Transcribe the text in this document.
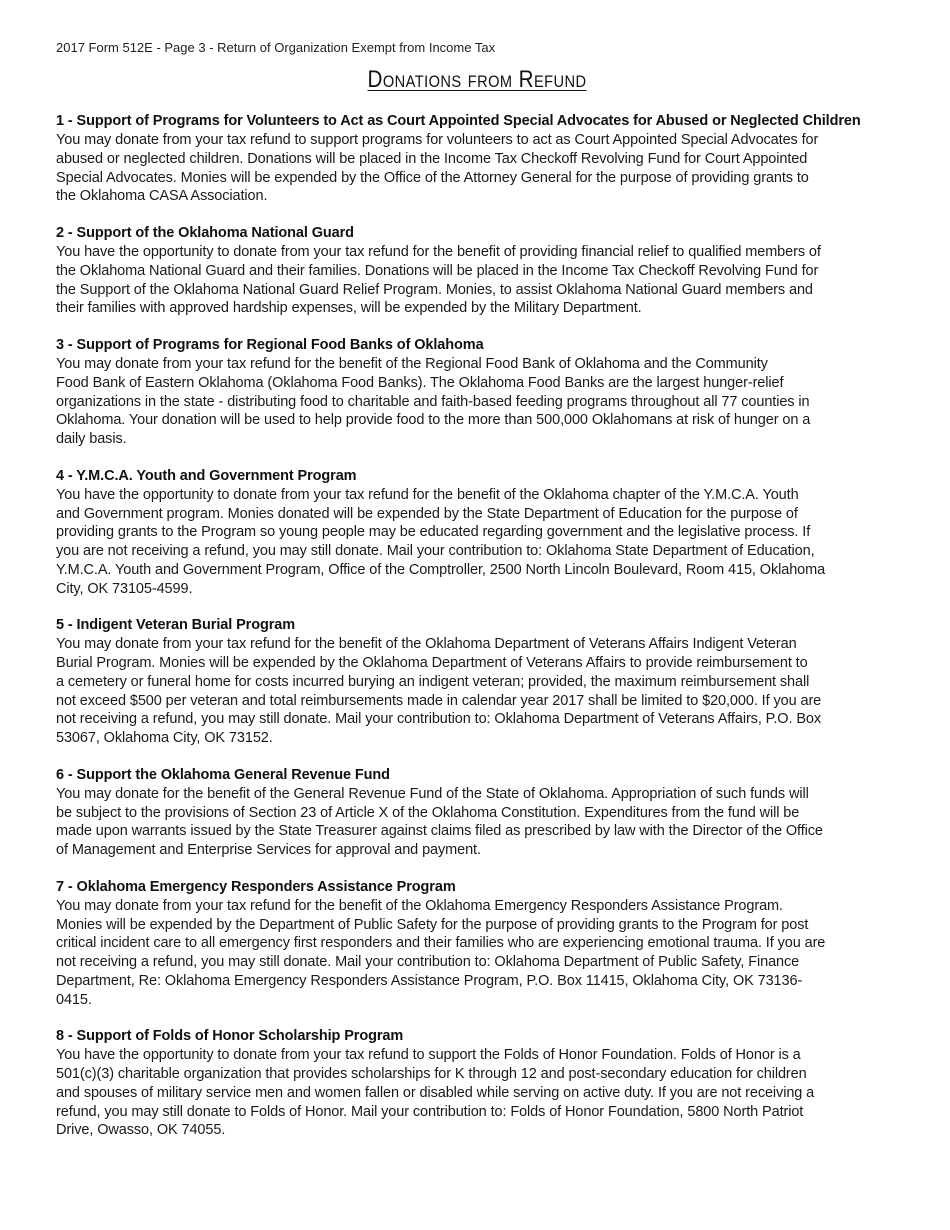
2017 Form 512E - Page 3 - Return of Organization Exempt from Income Tax
Donations from Refund
1 - Support of Programs for Volunteers to Act as Court Appointed Special Advocates for Abused or Neglected Children
You may donate from your tax refund to support programs for volunteers to act as Court Appointed Special Advocates for
abused or neglected children. Donations will be placed in the Income Tax Checkoff Revolving Fund for Court Appointed
Special Advocates. Monies will be expended by the Office of the Attorney General for the purpose of providing grants to
the Oklahoma CASA Association.
2 - Support of the Oklahoma National Guard
You have the opportunity to donate from your tax refund for the benefit of providing financial relief to qualified members of
the Oklahoma National Guard and their families. Donations will be placed in the Income Tax Checkoff Revolving Fund for
the Support of the Oklahoma National Guard Relief Program. Monies, to assist Oklahoma National Guard members and
their families with approved hardship expenses, will be expended by the Military Department.
3 - Support of Programs for Regional Food Banks of Oklahoma
You may donate from your tax refund for the benefit of the Regional Food Bank of Oklahoma and the Community
Food Bank of Eastern Oklahoma (Oklahoma Food Banks). The Oklahoma Food Banks are the largest hunger-relief
organizations in the state - distributing food to charitable and faith-based feeding programs throughout all 77 counties in
Oklahoma. Your donation will be used to help provide food to the more than 500,000 Oklahomans at risk of hunger on a
daily basis.
4 - Y.M.C.A. Youth and Government Program
You have the opportunity to donate from your tax refund for the benefit of the Oklahoma chapter of the Y.M.C.A. Youth
and Government program. Monies donated will be expended by the State Department of Education for the purpose of
providing grants to the Program so young people may be educated regarding government and the legislative process. If
you are not receiving a refund, you may still donate. Mail your contribution to: Oklahoma State Department of Education,
Y.M.C.A. Youth and Government Program, Office of the Comptroller, 2500 North Lincoln Boulevard, Room 415, Oklahoma
City, OK 73105-4599.
5 - Indigent Veteran Burial Program
You may donate from your tax refund for the benefit of the Oklahoma Department of Veterans Affairs Indigent Veteran
Burial Program. Monies will be expended by the Oklahoma Department of Veterans Affairs to provide reimbursement to
a cemetery or funeral home for costs incurred burying an indigent veteran; provided, the maximum reimbursement shall
not exceed $500 per veteran and total reimbursements made in calendar year 2017 shall be limited to $20,000. If you are
not receiving a refund, you may still donate. Mail your contribution to: Oklahoma Department of Veterans Affairs, P.O. Box
53067, Oklahoma City, OK 73152.
6 - Support the Oklahoma General Revenue Fund
You may donate for the benefit of the General Revenue Fund of the State of Oklahoma. Appropriation of such funds will
be subject to the provisions of Section 23 of Article X of the Oklahoma Constitution. Expenditures from the fund will be
made upon warrants issued by the State Treasurer against claims filed as prescribed by law with the Director of the Office
of Management and Enterprise Services for approval and payment.
7 - Oklahoma Emergency Responders Assistance Program
You may donate from your tax refund for the benefit of the Oklahoma Emergency Responders Assistance Program.
Monies will be expended by the Department of Public Safety for the purpose of providing grants to the Program for post
critical incident care to all emergency first responders and their families who are experiencing emotional trauma. If you are
not receiving a refund, you may still donate. Mail your contribution to: Oklahoma Department of Public Safety, Finance
Department, Re: Oklahoma Emergency Responders Assistance Program, P.O. Box 11415, Oklahoma City, OK 73136-
0415.
8 - Support of Folds of Honor Scholarship Program
You have the opportunity to donate from your tax refund to support the Folds of Honor Foundation. Folds of Honor is a
501(c)(3) charitable organization that provides scholarships for K through 12 and post-secondary education for children
and spouses of military service men and women fallen or disabled while serving on active duty. If you are not receiving a
refund, you may still donate to Folds of Honor. Mail your contribution to: Folds of Honor Foundation, 5800 North Patriot
Drive, Owasso, OK 74055.
